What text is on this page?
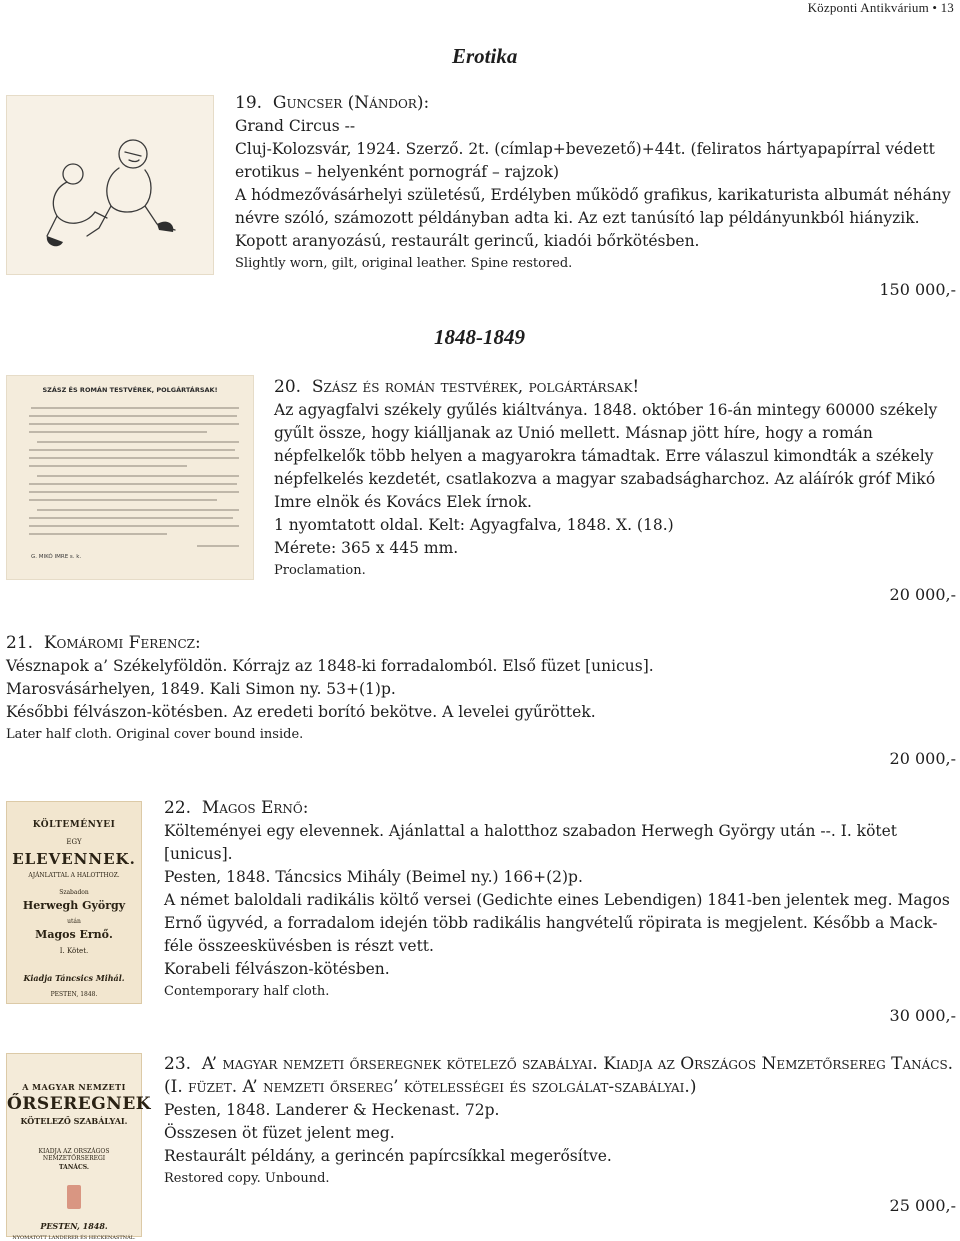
Központi Antikvárium • 13
Erotika

19. Guncser (Nándor):

Grand Circus --

Cluj-Kolozsvár, 1924. Szerző. 2t. (címlap+bevezető)+44t. (feliratos hártyapapírral védett erotikus – helyenként pornográf – rajzok)

A hódmezővásárhelyi születésű, Erdélyben működő grafikus, karikaturista albumát néhány névre szóló, számozott példányban adta ki. Az ezt tanúsító lap példányunkból hiányzik.

Kopott aranyozású, restaurált gerincű, kiadói bőrkötésben.

Slightly worn, gilt, original leather. Spine restored.

150 000,-
1848-1849
SZÁSZ ÉS ROMÁN TESTVÉREK, POLGÁRTÁRSAK!
G. MIKÓ IMRE s. k.

20. Szász és román testvérek, polgártársak!

Az agyagfalvi székely gyűlés kiáltványa. 1848. október 16-án mintegy 60000 székely gyűlt össze, hogy kiálljanak az Unió mellett. Másnap jött híre, hogy a román népfelkelők több helyen a magyarokra támadtak. Erre válaszul kimondták a székely népfelkelés kezdetét, csatlakozva a magyar szabadságharchoz. Az aláírók gróf Mikó Imre elnök és Kovács Elek írnok.

1 nyomtatott oldal. Kelt: Agyagfalva, 1848. X. (18.)

Mérete: 365 x 445 mm.

Proclamation.

20 000,-

21. Komáromi Ferencz:

Vésznapok a’ Székelyföldön. Kórrajz az 1848-ki forradalomból. Első füzet [unicus].

Marosvásárhelyen, 1849. Kali Simon ny. 53+(1)p.

Későbbi félvászon-kötésben. Az eredeti borító bekötve. A levelei gyűröttek.

Later half cloth. Original cover bound inside.

20 000,-
KÖLTEMÉNYEI
EGY
ELEVENNEK.
AJÁNLATTAL A HALOTTHOZ.
Szabadon
Herwegh György
után
Magos Ernő.
I. Kötet.
Kiadja Táncsics Mihál.
PESTEN, 1848.

22. Magos Ernő:

Költeményei egy elevennek. Ajánlattal a halotthoz szabadon Herwegh György után --. I. kötet [unicus].

Pesten, 1848. Táncsics Mihály (Beimel ny.) 166+(2)p.

A német baloldali radikális költő versei (Gedichte eines Lebendigen) 1841-ben jelentek meg. Magos Ernő ügyvéd, a forradalom idején több radikális hangvételű röpirata is megjelent. Később a Mack-féle összeesküvésben is részt vett.

Korabeli félvászon-kötésben.

Contemporary half cloth.

30 000,-
A MAGYAR NEMZETI
ŐRSEREGNEK
KÖTELEZŐ SZABÁLYAI.
KIADJA AZ ORSZÁGOS NEMZETŐRSEREGI
TANÁCS.
PESTEN, 1848.
NYOMATOTT LANDERER ÉS HECKENASTNÁL.

23. A’ magyar nemzeti őrseregnek kötelező szabályai. Kiadja az Országos Nemzetőrsereg Tanács. (I. füzet. A’ nemzeti őrsereg’ kötelességei és szolgálat-szabályai.)

Pesten, 1848. Landerer & Heckenast. 72p.

Összesen öt füzet jelent meg.

Restaurált példány, a gerincén papírcsíkkal megerősítve.

Restored copy. Unbound.

25 000,-
